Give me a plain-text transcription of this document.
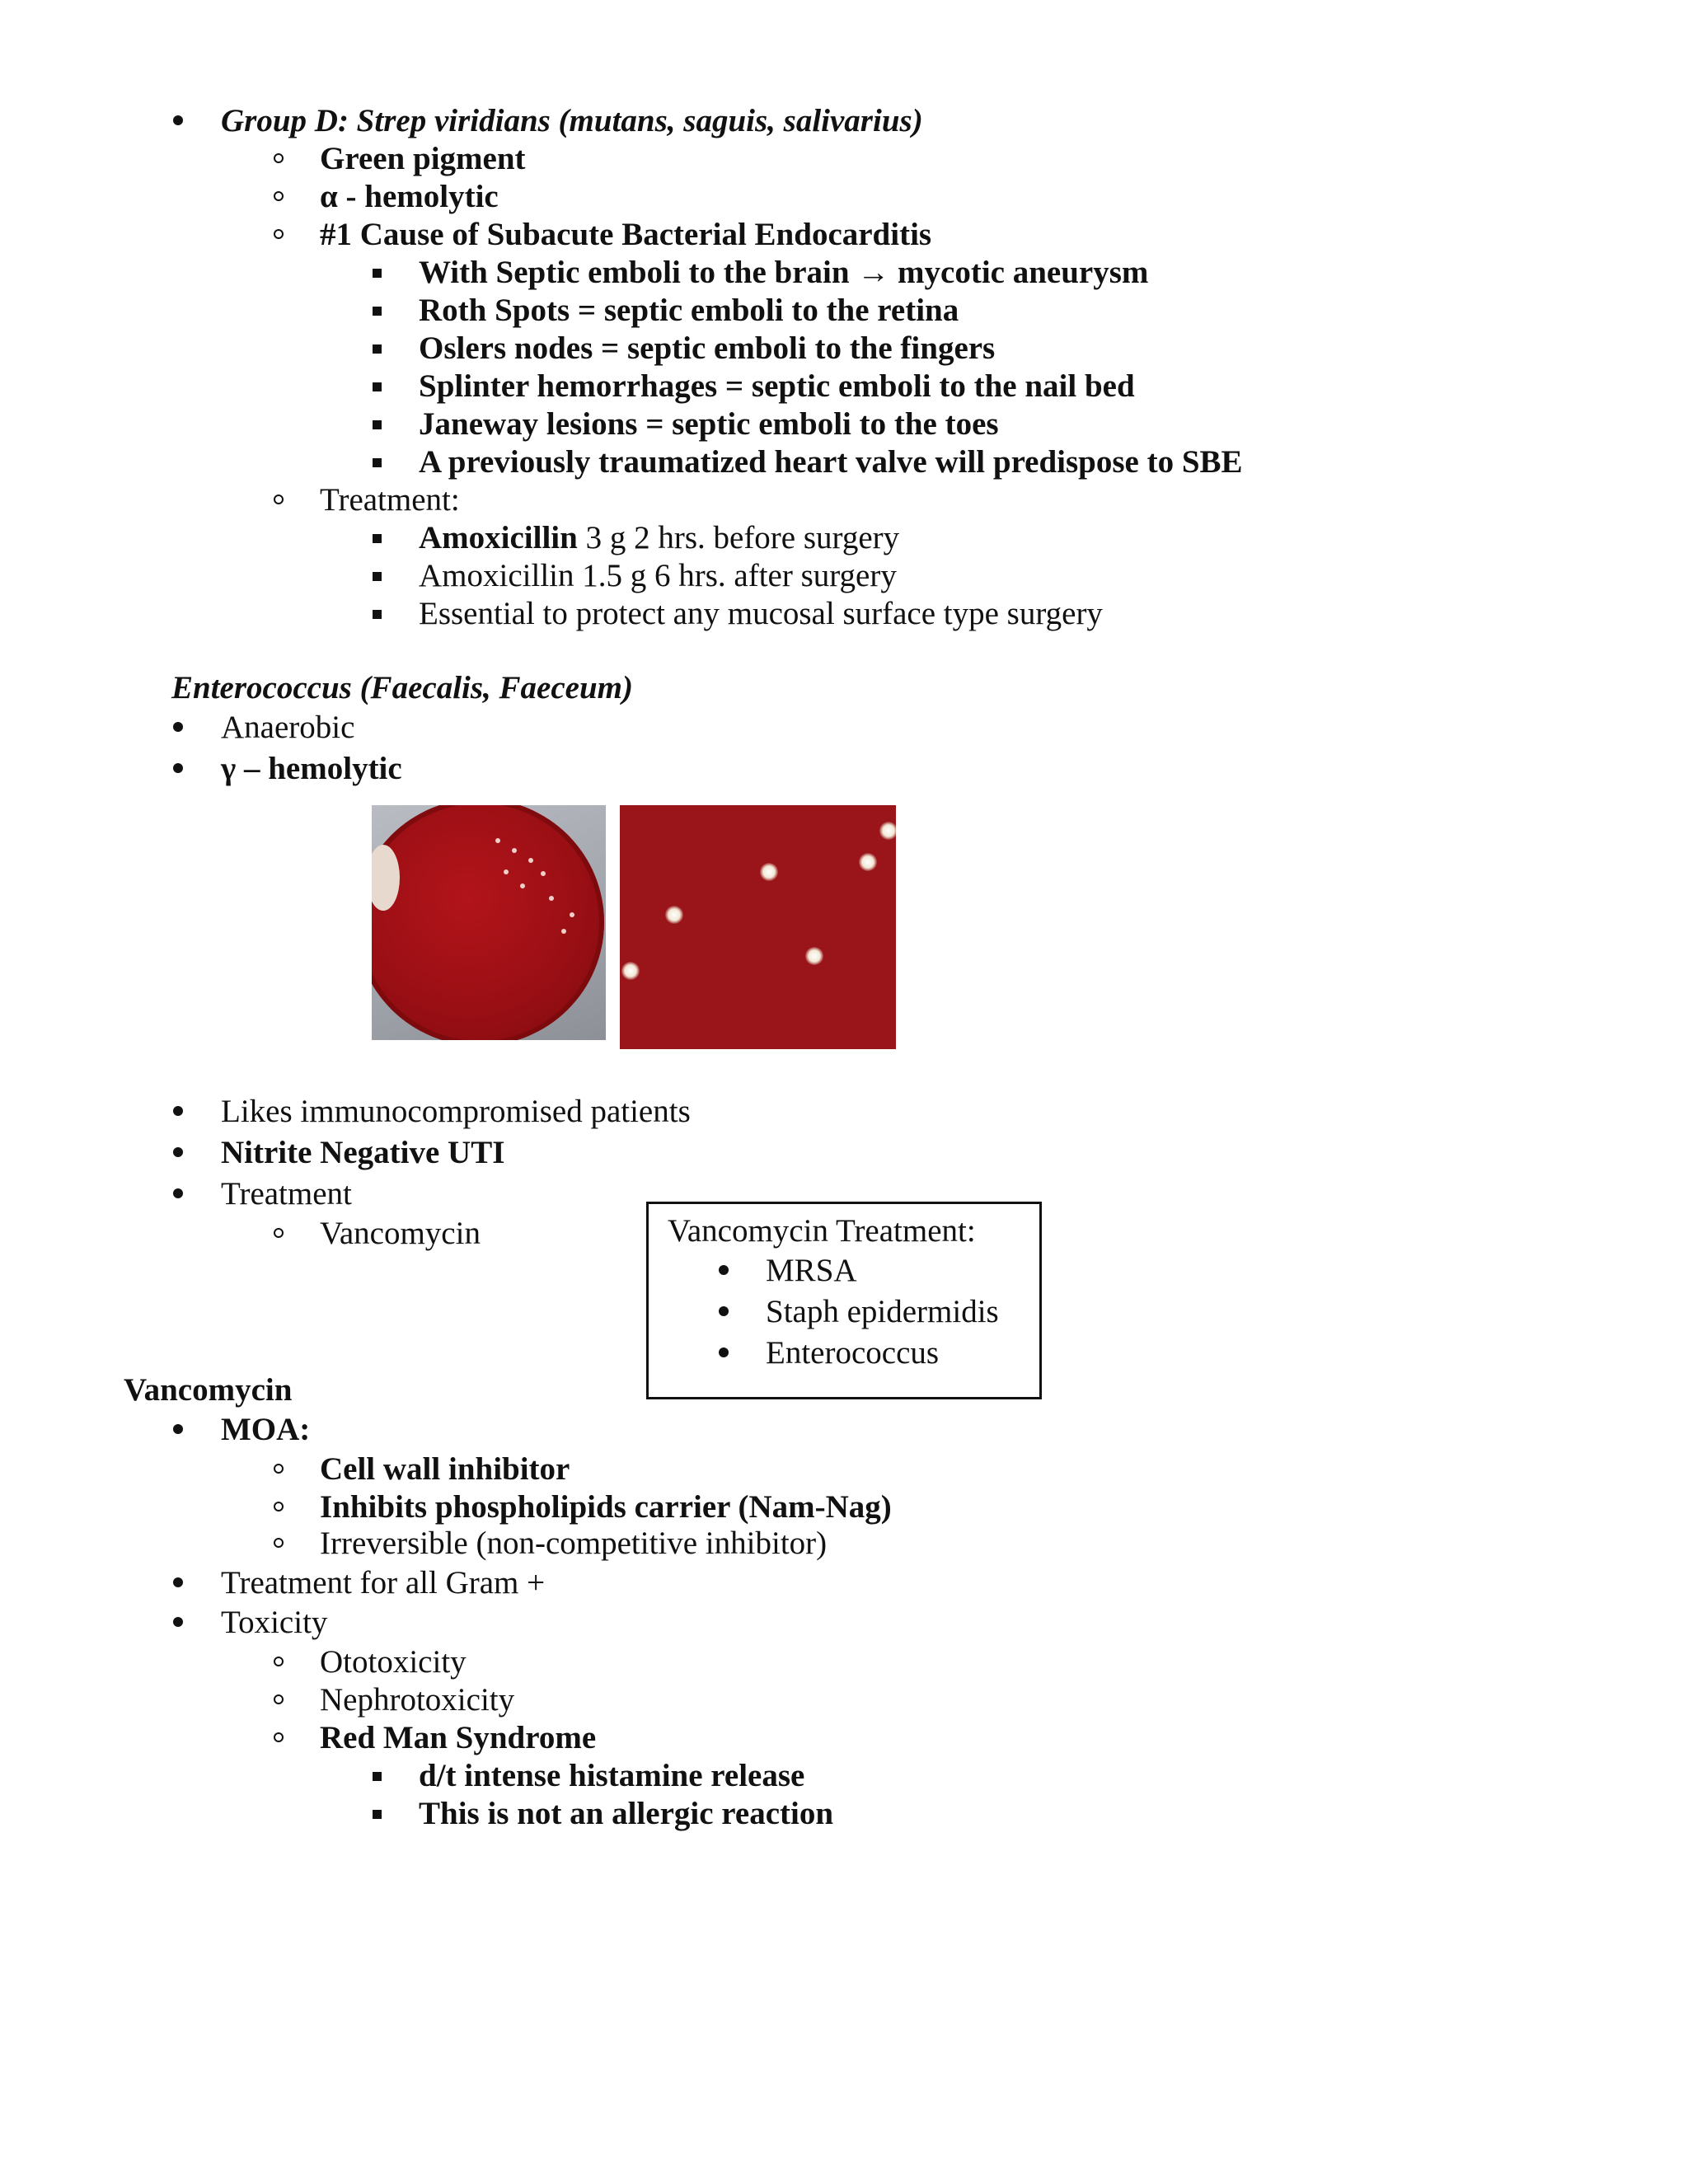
Group D: Strep viridians (mutans, saguis, salivarius)
Green pigment
α - hemolytic
#1 Cause of Subacute Bacterial Endocarditis
With Septic emboli to the brain → mycotic aneurysm
Roth Spots = septic emboli to the retina
Oslers nodes = septic emboli to the fingers
Splinter hemorrhages = septic emboli to the nail bed
Janeway lesions = septic emboli to the toes
A previously traumatized heart valve will predispose to SBE
Treatment:
Amoxicillin 3 g 2 hrs. before surgery
Amoxicillin 1.5 g 6 hrs. after surgery
Essential to protect any mucosal surface type surgery
Enterococcus (Faecalis, Faeceum)
Anaerobic
γ – hemolytic
Likes immunocompromised patients
Nitrite Negative UTI
Treatment
Vancomycin	Vancomycin Treatment:
MRSA
Staph epidermidis
Enterococcus
Vancomycin
MOA:
Cell wall inhibitor
Inhibits phospholipids carrier (Nam-Nag)
Irreversible (non-competitive inhibitor)
Treatment for all Gram +
Toxicity
Ototoxicity
Nephrotoxicity
Red Man Syndrome
d/t intense histamine release
This is not an allergic reaction
